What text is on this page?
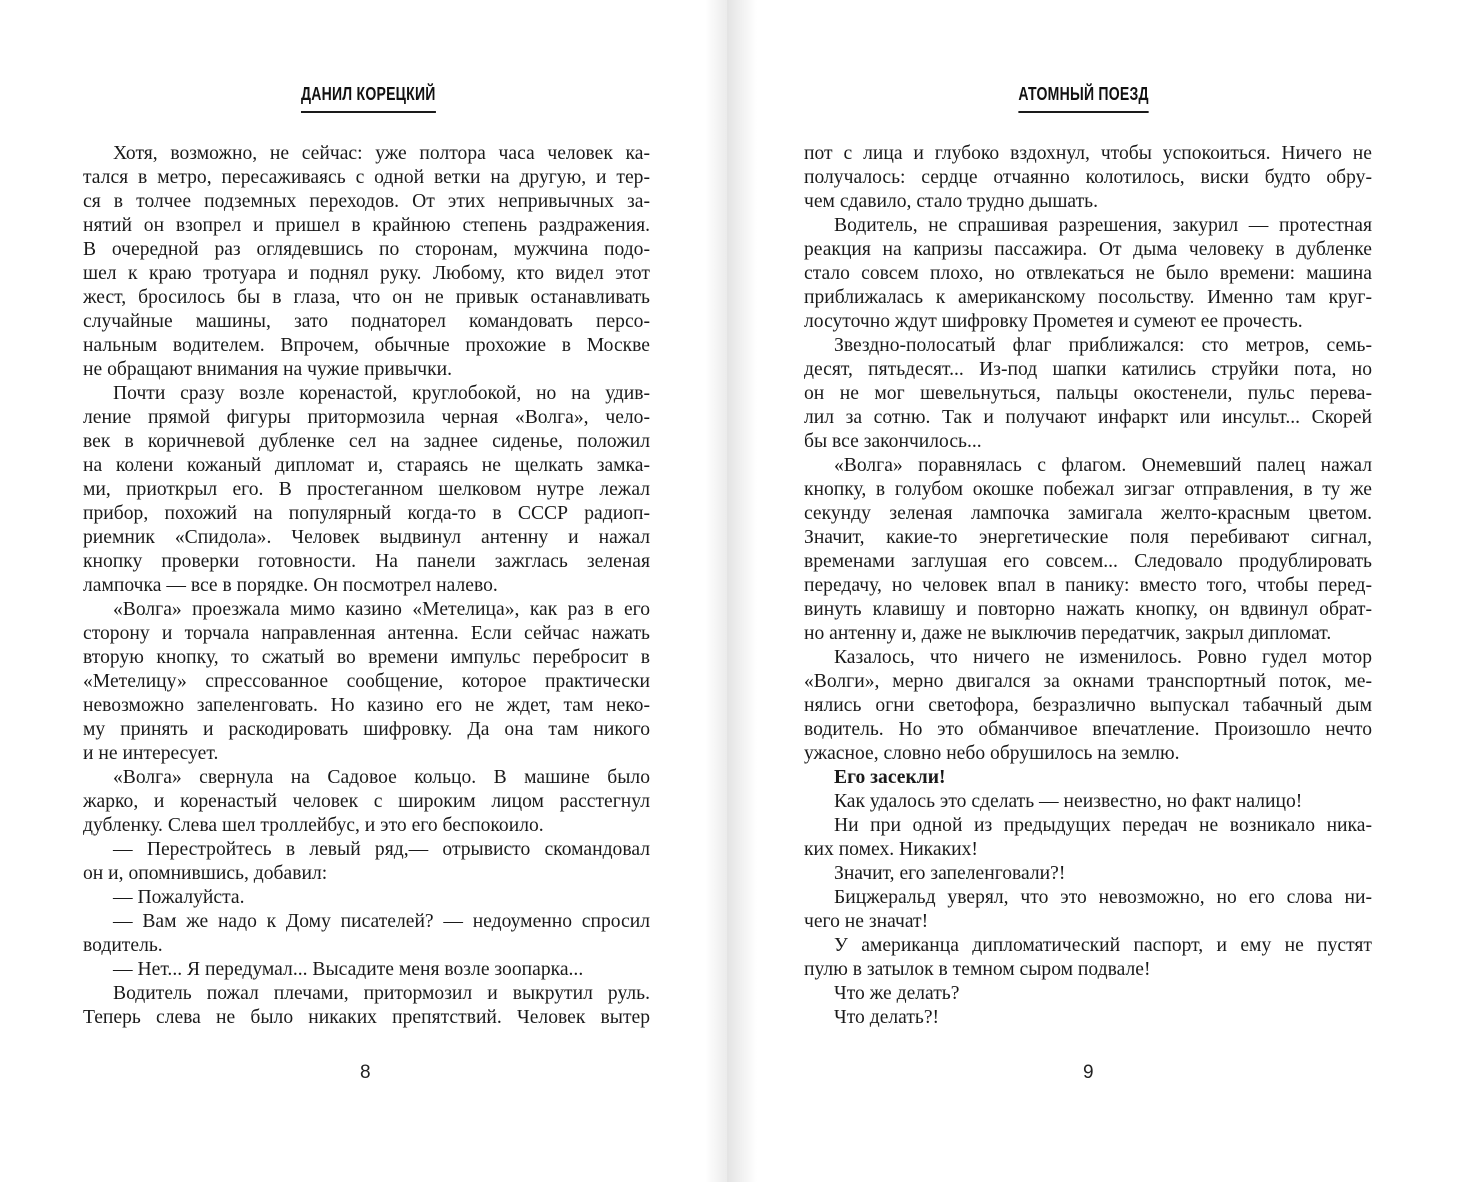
ДАНИЛ КОРЕЦКИЙ
Хотя, возможно, не сейчас: уже полтора часа человек ка-
тался в метро, пересаживаясь с одной ветки на другую, и тер-
ся в толчее подземных переходов. От этих непривычных за-
нятий он взопрел и пришел в крайнюю степень раздражения.
В очередной раз оглядевшись по сторонам, мужчина подо-
шел к краю тротуара и поднял руку. Любому, кто видел этот
жест, бросилось бы в глаза, что он не привык останавливать
случайные машины, зато поднаторел командовать персо-
нальным водителем. Впрочем, обычные прохожие в Москве
не обращают внимания на чужие привычки.
Почти сразу возле коренастой, круглобокой, но на удив-
ление прямой фигуры притормозила черная «Волга», чело-
век в коричневой дубленке сел на заднее сиденье, положил
на колени кожаный дипломат и, стараясь не щелкать замка-
ми, приоткрыл его. В простеганном шелковом нутре лежал
прибор, похожий на популярный когда-то в СССР радиоп-
риемник «Спидола». Человек выдвинул антенну и нажал
кнопку проверки готовности. На панели зажглась зеленая
лампочка — все в порядке. Он посмотрел налево.
«Волга» проезжала мимо казино «Метелица», как раз в его
сторону и торчала направленная антенна. Если сейчас нажать
вторую кнопку, то сжатый во времени импульс перебросит в
«Метелицу» спрессованное сообщение, которое практически
невозможно запеленговать. Но казино его не ждет, там неко-
му принять и раскодировать шифровку. Да она там никого
и не интересует.
«Волга» свернула на Садовое кольцо. В машине было
жарко, и коренастый человек с широким лицом расстегнул
дубленку. Слева шел троллейбус, и это его беспокоило.
— Перестройтесь в левый ряд,— отрывисто скомандовал
он и, опомнившись, добавил:
— Пожалуйста.
— Вам же надо к Дому писателей? — недоуменно спросил
водитель.
— Нет... Я передумал... Высадите меня возле зоопарка...
Водитель пожал плечами, притормозил и выкрутил руль.
Теперь слева не было никаких препятствий. Человек вытер
8
АТОМНЫЙ ПОЕЗД
пот с лица и глубоко вздохнул, чтобы успокоиться. Ничего не
получалось: сердце отчаянно колотилось, виски будто обру-
чем сдавило, стало трудно дышать.
Водитель, не спрашивая разрешения, закурил — протестная
реакция на капризы пассажира. От дыма человеку в дубленке
стало совсем плохо, но отвлекаться не было времени: машина
приближалась к американскому посольству. Именно там круг-
лосуточно ждут шифровку Прометея и сумеют ее прочесть.
Звездно-полосатый флаг приближался: сто метров, семь-
десят, пятьдесят... Из-под шапки катились струйки пота, но
он не мог шевельнуться, пальцы окостенели, пульс перева-
лил за сотню. Так и получают инфаркт или инсульт... Скорей
бы все закончилось...
«Волга» поравнялась с флагом. Онемевший палец нажал
кнопку, в голубом окошке побежал зигзаг отправления, в ту же
секунду зеленая лампочка замигала желто-красным цветом.
Значит, какие-то энергетические поля перебивают сигнал,
временами заглушая его совсем... Следовало продублировать
передачу, но человек впал в панику: вместо того, чтобы перед-
винуть клавишу и повторно нажать кнопку, он вдвинул обрат-
но антенну и, даже не выключив передатчик, закрыл дипломат.
Казалось, что ничего не изменилось. Ровно гудел мотор
«Волги», мерно двигался за окнами транспортный поток, ме-
нялись огни светофора, безразлично выпускал табачный дым
водитель. Но это обманчивое впечатление. Произошло нечто
ужасное, словно небо обрушилось на землю.
Его засекли!
Как удалось это сделать — неизвестно, но факт налицо!
Ни при одной из предыдущих передач не возникало ника-
ких помех. Никаких!
Значит, его запеленговали?!
Бицжеральд уверял, что это невозможно, но его слова ни-
чего не значат!
У американца дипломатический паспорт, и ему не пустят
пулю в затылок в темном сыром подвале!
Что же делать?
Что делать?!
9
